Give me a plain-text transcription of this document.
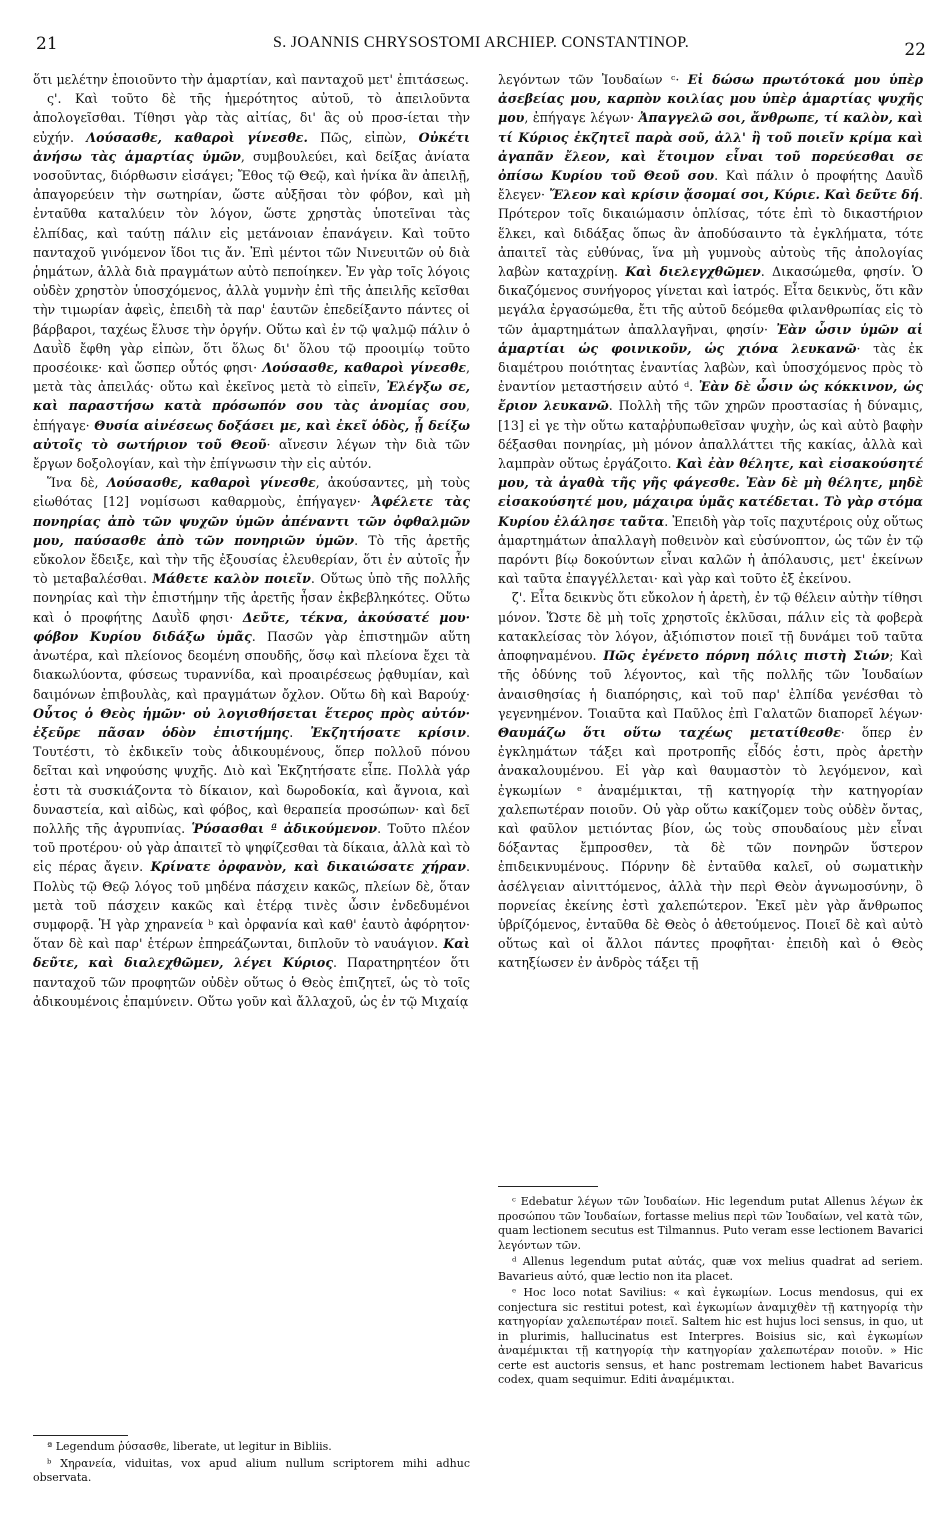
21	S. JOANNIS CHRYSOSTOMI ARCHIEP. CONSTANTINOP.	22

ὅτι μελέτην ἐποιοῦντο τὴν ἁμαρτίαν, καὶ πανταχοῦ μετ' ἐπιτάσεως.

ς'. Καὶ τοῦτο δὲ τῆς ἡμερότητος αὐτοῦ, τὸ ἀπειλοῦντα ἀπολογεῖσθαι. Τίθησι γὰρ τὰς αἰτίας, δι' ἃς οὐ προσ-ίεται τὴν εὐχήν. Λούσασθε, καθαροὶ γίνεσθε. Πῶς, εἰπὼν, Οὐκέτι ἀνήσω τὰς ἁμαρτίας ὑμῶν, συμβουλεύει, καὶ δείξας ἀνίατα νοσοῦντας, διόρθωσιν εἰσάγει; Ἔθος τῷ Θεῷ, καὶ ἡνίκα ἂν ἀπειλῇ, ἀπαγορεύειν τὴν σωτηρίαν, ὥστε αὐξῆσαι τὸν φόβον, καὶ μὴ ἐνταῦθα καταλύειν τὸν λόγον, ὥστε χρηστὰς ὑποτεῖναι τὰς ἐλπίδας, καὶ ταύτῃ πάλιν εἰς μετάνοιαν ἐπανάγειν. Καὶ τοῦτο πανταχοῦ γινόμενον ἴδοι τις ἄν. Ἐπὶ μέντοι τῶν Νινευιτῶν οὐ διὰ ῥημάτων, ἀλλὰ διὰ πραγμάτων αὐτὸ πεποίηκεν. Ἐν γὰρ τοῖς λόγοις οὐδὲν χρηστὸν ὑποσχόμενος, ἀλλὰ γυμνὴν ἐπὶ τῆς ἀπειλῆς κεῖσθαι τὴν τιμωρίαν ἀφεὶς, ἐπειδὴ τὰ παρ' ἑαυτῶν ἐπεδείξαντο πάντες οἱ βάρβαροι, ταχέως ἔλυσε τὴν ὀργήν. Οὕτω καὶ ἐν τῷ ψαλμῷ πάλιν ὁ Δαυῒδ ἔφθη γὰρ εἰπὼν, ὅτι ὅλως δι' ὅλου τῷ προοιμίῳ τοῦτο προσέοικε· καὶ ὥσπερ οὗτός φησι· Λούσασθε, καθαροὶ γίνεσθε, μετὰ τὰς ἀπειλάς· οὕτω καὶ ἐκεῖνος μετὰ τὸ εἰπεῖν, Ἐλέγξω σε, καὶ παραστήσω κατὰ πρόσωπόν σου τὰς ἀνομίας σου, ἐπήγαγε· Θυσία αἰνέσεως δοξάσει με, καὶ ἐκεῖ ὁδὸς, ᾗ δείξω αὐτοῖς τὸ σωτήριον τοῦ Θεοῦ· αἴνεσιν λέγων τὴν διὰ τῶν ἔργων δοξολογίαν, καὶ τὴν ἐπίγνωσιν τὴν εἰς αὐτόν.

Ἵνα δὲ, Λούσασθε, καθαροὶ γίνεσθε, ἀκούσαντες, μὴ τοὺς εἰωθότας [12] νομίσωσι καθαρμοὺς, ἐπήγαγεν· Ἀφέλετε τὰς πονηρίας ἀπὸ τῶν ψυχῶν ὑμῶν ἀπέναντι τῶν ὀφθαλμῶν μου, παύσασθε ἀπὸ τῶν πονηριῶν ὑμῶν. Τὸ τῆς ἀρετῆς εὔκολον ἔδειξε, καὶ τὴν τῆς ἐξουσίας ἐλευθερίαν, ὅτι ἐν αὐτοῖς ἦν τὸ μεταβαλέσθαι. Μάθετε καλὸν ποιεῖν. Οὕτως ὑπὸ τῆς πολλῆς πονηρίας καὶ τὴν ἐπιστήμην τῆς ἀρετῆς ἦσαν ἐκβεβληκότες. Οὕτω καὶ ὁ προφήτης Δαυῒδ φησι· Δεῦτε, τέκνα, ἀκούσατέ μου· φόβον Κυρίου διδάξω ὑμᾶς. Πασῶν γὰρ ἐπιστημῶν αὕτη ἀνωτέρα, καὶ πλείονος δεομένη σπουδῆς, ὅσῳ καὶ πλείονα ἔχει τὰ διακωλύοντα, φύσεως τυραννίδα, καὶ προαιρέσεως ῥᾳθυμίαν, καὶ δαιμόνων ἐπιβουλὰς, καὶ πραγμάτων ὄχλον. Οὕτω δὴ καὶ Βαρούχ· Οὗτος ὁ Θεὸς ἡμῶν· οὐ λογισθήσεται ἕτερος πρὸς αὐτόν· ἐξεῦρε πᾶσαν ὁδὸν ἐπιστήμης. Ἐκζητήσατε κρίσιν. Τουτέστι, τὸ ἐκδικεῖν τοὺς ἀδικουμένους, ὅπερ πολλοῦ πόνου δεῖται καὶ νηφούσης ψυχῆς. Διὸ καὶ Ἐκζητήσατε εἶπε. Πολλὰ γάρ ἐστι τὰ συσκιάζοντα τὸ δίκαιον, καὶ δωροδοκία, καὶ ἄγνοια, καὶ δυναστεία, καὶ αἰδὼς, καὶ φόβος, καὶ θεραπεία προσώπων· καὶ δεῖ πολλῆς τῆς ἀγρυπνίας. Ῥύσασθαι ª ἀδικούμενον. Τοῦτο πλέον τοῦ προτέρου· οὐ γὰρ ἀπαιτεῖ τὸ ψηφίζεσθαι τὰ δίκαια, ἀλλὰ καὶ τὸ εἰς πέρας ἄγειν. Κρίνατε ὀρφανὸν, καὶ δικαιώσατε χήραν. Πολὺς τῷ Θεῷ λόγος τοῦ μηδένα πάσχειν κακῶς, πλείων δὲ, ὅταν μετὰ τοῦ πάσχειν κακῶς καὶ ἑτέρᾳ τινὲς ὦσιν ἐνδεδυμένοι συμφορᾷ. Ἡ γὰρ χηρανεία ᵇ καὶ ὀρφανία καὶ καθ' ἑαυτὸ ἀφόρητον· ὅταν δὲ καὶ παρ' ἑτέρων ἐπηρεάζωνται, διπλοῦν τὸ ναυάγιον. Καὶ δεῦτε, καὶ διαλεχθῶμεν, λέγει Κύριος. Παρατηρητέον ὅτι πανταχοῦ τῶν προφητῶν οὐδὲν οὕτως ὁ Θεὸς ἐπιζητεῖ, ὡς τὸ τοῖς ἀδικουμένοις ἐπαμύνειν. Οὕτω γοῦν καὶ ἄλλαχοῦ, ὡς ἐν τῷ Μιχαίᾳ

λεγόντων τῶν Ἰουδαίων ᶜ· Εἰ δώσω πρωτότοκά μου ὑπὲρ ἀσεβείας μου, καρπὸν κοιλίας μου ὑπὲρ ἁμαρτίας ψυχῆς μου, ἐπήγαγε λέγων· Ἀπαγγελῶ σοι, ἄνθρωπε, τί καλὸν, καὶ τί Κύριος ἐκζητεῖ παρὰ σοῦ, ἀλλ' ἢ τοῦ ποιεῖν κρίμα καὶ ἀγαπᾶν ἔλεον, καὶ ἕτοιμον εἶναι τοῦ πορεύεσθαι σε ὀπίσω Κυρίου τοῦ Θεοῦ σου. Καὶ πάλιν ὁ προφήτης Δαυῒδ ἔλεγεν· Ἔλεον καὶ κρίσιν ᾄσομαί σοι, Κύριε. Καὶ δεῦτε δή. Πρότερον τοῖς δικαιώμασιν ὁπλίσας, τότε ἐπὶ τὸ δικαστήριον ἕλκει, καὶ διδάξας ὅπως ἂν ἀποδύσαιντο τὰ ἐγκλήματα, τότε ἀπαιτεῖ τὰς εὐθύνας, ἵνα μὴ γυμνοὺς αὐτοὺς τῆς ἀπολογίας λαβὼν καταχρίνῃ. Καὶ διελεγχθῶμεν. Δικασώμεθα, φησίν. Ὁ δικαζόμενος συνήγορος γίνεται καὶ ἰατρός. Εἶτα δεικνὺς, ὅτι κἂν μεγάλα ἐργασώμεθα, ἔτι τῆς αὐτοῦ δεόμεθα φιλανθρωπίας εἰς τὸ τῶν ἁμαρτημάτων ἀπαλλαγῆναι, φησίν· Ἐὰν ὦσιν ὑμῶν αἱ ἁμαρτίαι ὡς φοινικοῦν, ὡς χιόνα λευκανῶ· τὰς ἐκ διαμέτρου ποιότητας ἐναντίας λαβὼν, καὶ ὑποσχόμενος πρὸς τὸ ἐναντίον μεταστήσειν αὐτό ᵈ. Ἐὰν δὲ ὦσιν ὡς κόκκινον, ὡς ἔριον λευκανῶ. Πολλὴ τῆς τῶν χηρῶν προστασίας ἡ δύναμις, [13] εἰ γε τὴν οὕτω καταῤῥυπωθεῖσαν ψυχὴν, ὡς καὶ αὐτὸ βαφὴν δέξασθαι πονηρίας, μὴ μόνον ἀπαλλάττει τῆς κακίας, ἀλλὰ καὶ λαμπρὰν οὕτως ἐργάζοιτο. Καὶ ἐὰν θέλητε, καὶ εἰσακούσητέ μου, τὰ ἀγαθὰ τῆς γῆς φάγεσθε. Ἐὰν δὲ μὴ θέλητε, μηδὲ εἰσακούσητέ μου, μάχαιρα ὑμᾶς κατέδεται. Τὸ γὰρ στόμα Κυρίου ἐλάλησε ταῦτα. Ἐπειδὴ γὰρ τοῖς παχυτέροις οὐχ οὕτως ἁμαρτημάτων ἀπαλλαγὴ ποθεινὸν καὶ εὐσύνοπτον, ὡς τῶν ἐν τῷ παρόντι βίῳ δοκούντων εἶναι καλῶν ἡ ἀπόλαυσις, μετ' ἐκείνων καὶ ταῦτα ἐπαγγέλλεται· καὶ γὰρ καὶ τοῦτο ἐξ ἐκείνου.

ζ'. Εἶτα δεικνὺς ὅτι εὔκολον ἡ ἀρετὴ, ἐν τῷ θέλειν αὐτὴν τίθησι μόνον. Ὥστε δὲ μὴ τοῖς χρηστοῖς ἐκλῦσαι, πάλιν εἰς τὰ φοβερὰ κατακλείσας τὸν λόγον, ἀξιόπιστον ποιεῖ τῇ δυνάμει τοῦ ταῦτα ἀποφηναμένου. Πῶς ἐγένετο πόρνη πόλις πιστὴ Σιών; Καὶ τῆς ὀδύνης τοῦ λέγοντος, καὶ τῆς πολλῆς τῶν Ἰουδαίων ἀναισθησίας ἡ διαπόρησις, καὶ τοῦ παρ' ἐλπίδα γενέσθαι τὸ γεγενημένον. Τοιαῦτα καὶ Παῦλος ἐπὶ Γαλατῶν διαπορεῖ λέγων· Θαυμάζω ὅτι οὕτω ταχέως μετατίθεσθε· ὅπερ ἐν ἐγκλημάτων τάξει καὶ προτροπῆς εἶδός ἐστι, πρὸς ἀρετὴν ἀνακαλουμένου. Εἰ γὰρ καὶ θαυμαστὸν τὸ λεγόμενον, καὶ ἐγκωμίων ᵉ ἀναμέμικται, τῇ κατηγορίᾳ τὴν κατηγορίαν χαλεπωτέραν ποιοῦν. Οὐ γὰρ οὕτω κακίζομεν τοὺς οὐδὲν ὄντας, καὶ φαῦλον μετιόντας βίον, ὡς τοὺς σπουδαίους μὲν εἶναι δόξαντας ἔμπροσθεν, τὰ δὲ τῶν πονηρῶν ὕστερον ἐπιδεικνυμένους. Πόρνην δὲ ἐνταῦθα καλεῖ, οὐ σωματικὴν ἀσέλγειαν αἰνιττόμενος, ἀλλὰ τὴν περὶ Θεὸν ἀγνωμοσύνην, ὃ πορνείας ἐκείνης ἐστὶ χαλεπώτερον. Ἐκεῖ μὲν γὰρ ἄνθρωπος ὑβρίζόμενος, ἐνταῦθα δὲ Θεὸς ὁ ἀθετούμενος. Ποιεῖ δὲ καὶ αὐτὸ οὕτως καὶ οἱ ἄλλοι πάντες προφῆται· ἐπειδὴ καὶ ὁ Θεὸς κατηξίωσεν ἐν ἀνδρὸς τάξει τῇ

ª Legendum ῥύσασθε, liberate, ut legitur in Bibliis.

ᵇ Χηρανεία, viduitas, vox apud alium nullum scriptorem mihi adhuc observata.

ᶜ Edebatur λέγων τῶν Ἰουδαίων. Hic legendum putat Allenus λέγων ἐκ προσώπου τῶν Ἰουδαίων, fortasse melius περὶ τῶν Ἰουδαίων, vel κατὰ τῶν, quam lectionem secutus est Tilmannus. Puto veram esse lectionem Bavarici λεγόντων τῶν.

ᵈ Allenus legendum putat αὐτάς, quæ vox melius quadrat ad seriem. Bavarieus αὐτό, quæ lectio non ita placet.

ᵉ Hoc loco notat Savilius: « καὶ ἐγκωμίων. Locus mendosus, qui ex conjectura sic restitui potest, καὶ ἐγκωμίων ἀναμιχθὲν τῇ κατηγορίᾳ τὴν κατηγορίαν χαλεπωτέραν ποιεῖ. Saltem hic est hujus loci sensus, in quo, ut in plurimis, hallucinatus est Interpres. Boisius sic, καὶ ἐγκωμίων ἀναμέμικται τῇ κατηγορίᾳ τὴν κατηγορίαν χαλεπωτέραν ποιοῦν. » Hic certe est auctoris sensus, et hanc postremam lectionem habet Bavaricus codex, quam sequimur. Editi ἀναμέμικται.
